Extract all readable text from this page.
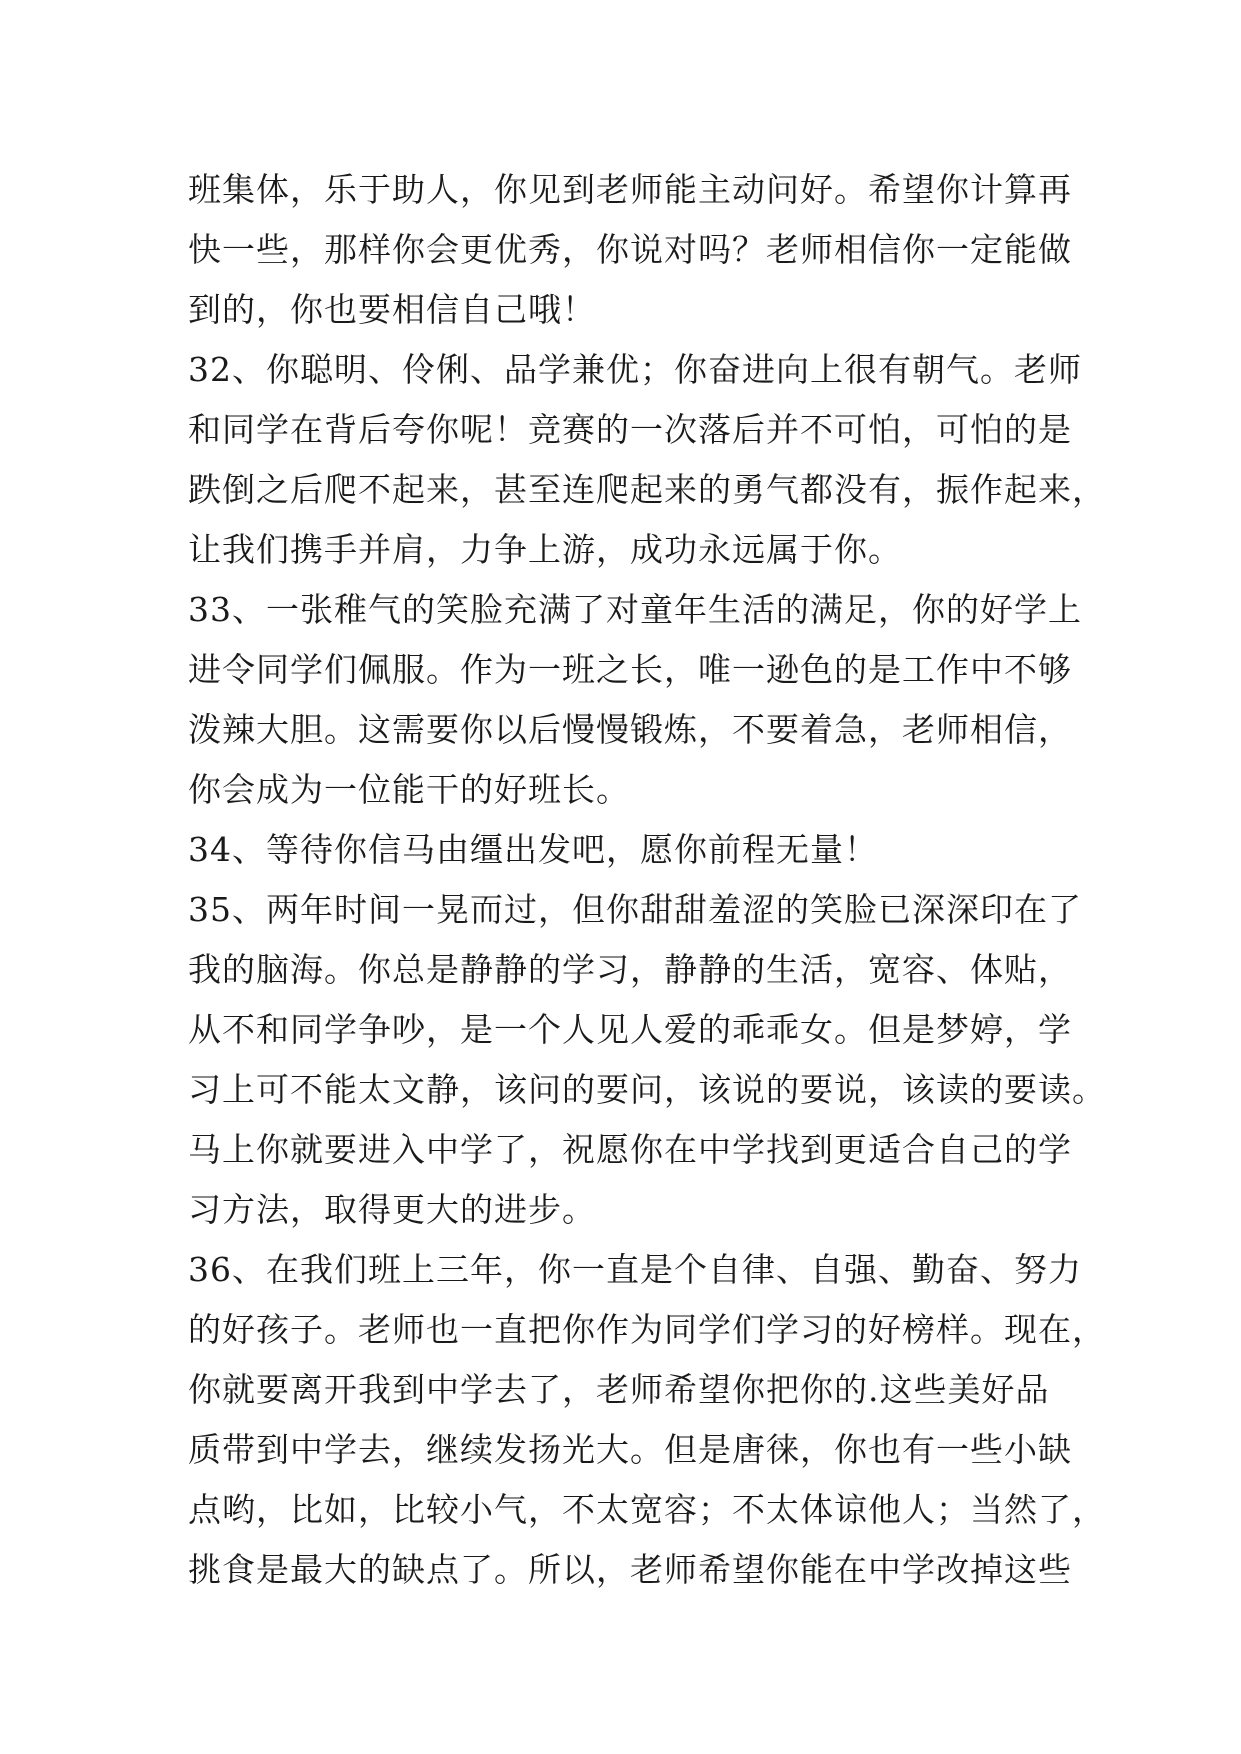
班集体，乐于助人，你见到老师能主动问好。希望你计算再
快一些，那样你会更优秀，你说对吗？老师相信你一定能做
到的，你也要相信自己哦！
32、你聪明、伶俐、品学兼优；你奋进向上很有朝气。老师
和同学在背后夸你呢！竞赛的一次落后并不可怕，可怕的是
跌倒之后爬不起来，甚至连爬起来的勇气都没有，振作起来，
让我们携手并肩，力争上游，成功永远属于你。
33、一张稚气的笑脸充满了对童年生活的满足，你的好学上
进令同学们佩服。作为一班之长，唯一逊色的是工作中不够
泼辣大胆。这需要你以后慢慢锻炼，不要着急，老师相信，
你会成为一位能干的好班长。
34、等待你信马由缰出发吧，愿你前程无量！
35、两年时间一晃而过，但你甜甜羞涩的笑脸已深深印在了
我的脑海。你总是静静的学习，静静的生活，宽容、体贴，
从不和同学争吵，是一个人见人爱的乖乖女。但是梦婷，学
习上可不能太文静，该问的要问，该说的要说，该读的要读。
马上你就要进入中学了，祝愿你在中学找到更适合自己的学
习方法，取得更大的进步。
36、在我们班上三年，你一直是个自律、自强、勤奋、努力
的好孩子。老师也一直把你作为同学们学习的好榜样。现在，
你就要离开我到中学去了，老师希望你把你的.这些美好品
质带到中学去，继续发扬光大。但是唐徕，你也有一些小缺
点哟，比如，比较小气，不太宽容；不太体谅他人；当然了，
挑食是最大的缺点了。所以，老师希望你能在中学改掉这些
